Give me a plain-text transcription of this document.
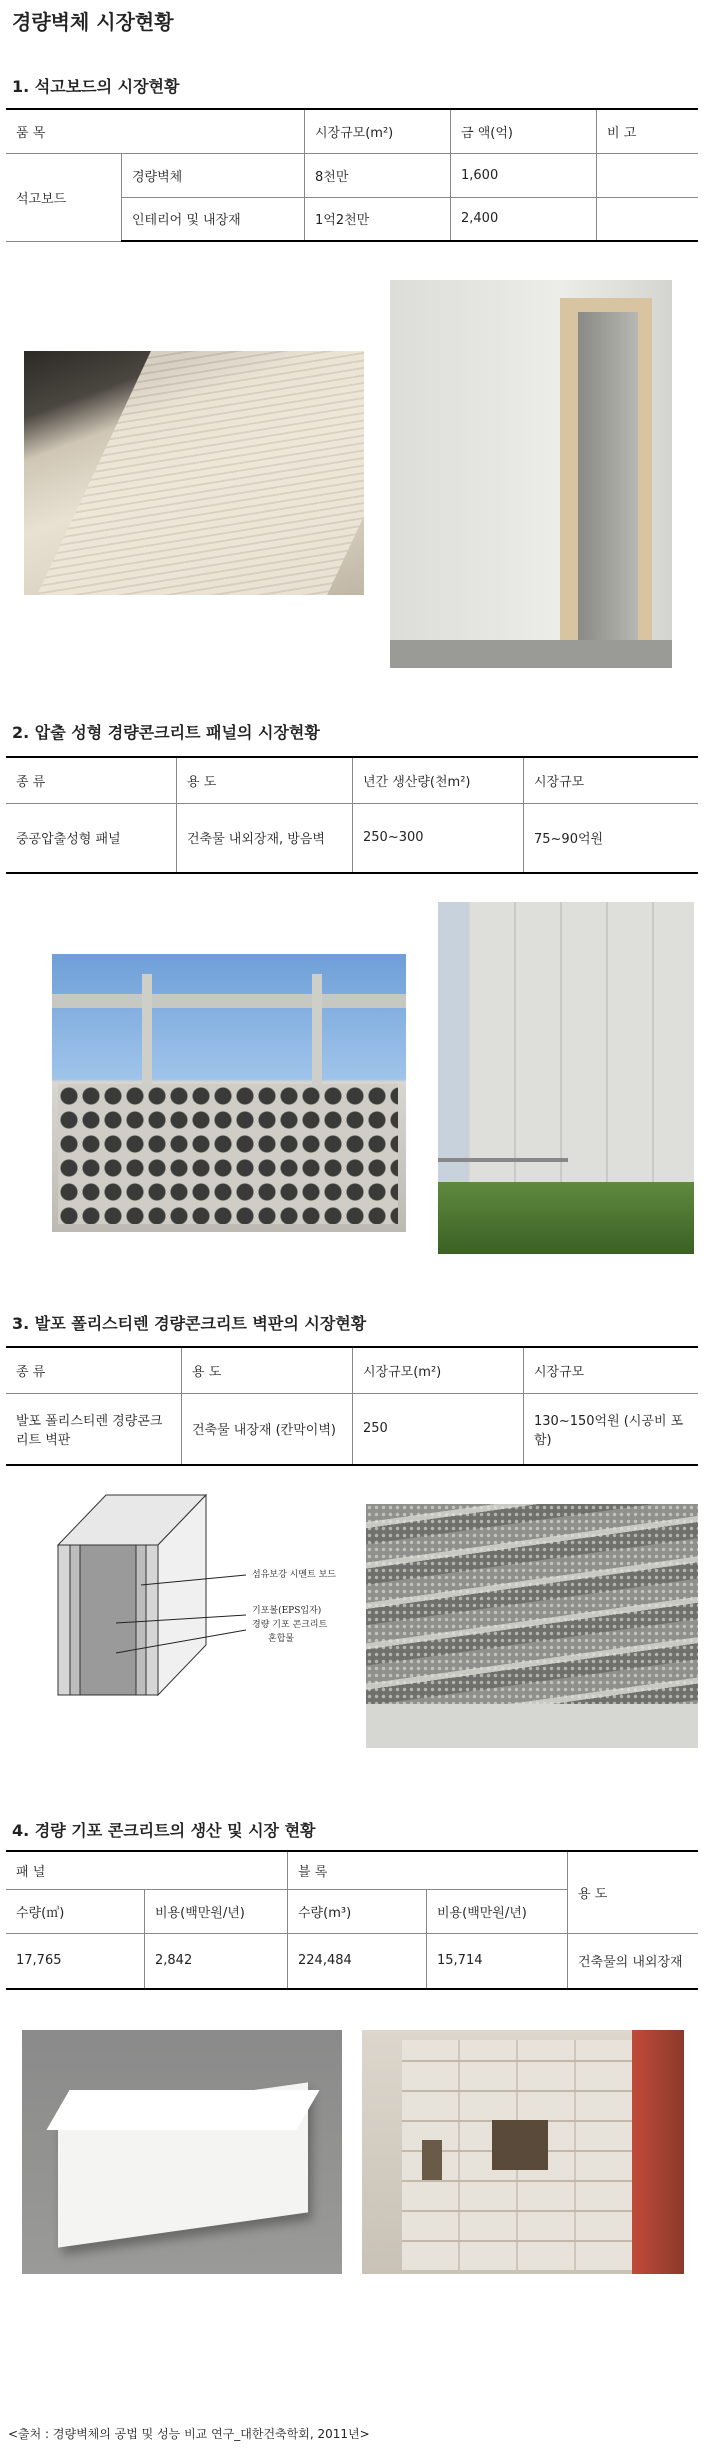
경량벽체 시장현황
1. 석고보드의 시장현황
품 목		시장규모(m²)	금 액(억)	비 고
석고보드	경량벽체	8천만	1,600	
	인테리어 및 내장재	1억2천만	2,400	
2. 압출 성형 경량콘크리트 패널의 시장현황
종 류	용 도	년간 생산량(천m²)	시장규모
중공압출성형 패널	건축물 내외장재, 방음벽	250~300	75~90억원
3. 발포 폴리스티렌 경량콘크리트 벽판의 시장현황
종 류	용 도	시장규모(m²)	시장규모
발포 폴리스티렌 경량콘크리트 벽판	건축물 내장재 (칸막이벽)	250	130~150억원 (시공비 포함)
섬유보강 시멘트 보드
기포볼(EPS입자)
경량 기포 콘크리트
혼합물
4. 경량 기포 콘크리트의 생산 및 시장 현황
패 널		블 록		용 도
수량(㎥)	비용(백만원/년)	수량(m³)	비용(백만원/년)	
17,765	2,842	224,484	15,714	건축물의 내외장재
<출처 : 경량벽체의 공법 및 성능 비교 연구_대한건축학회, 2011년>
